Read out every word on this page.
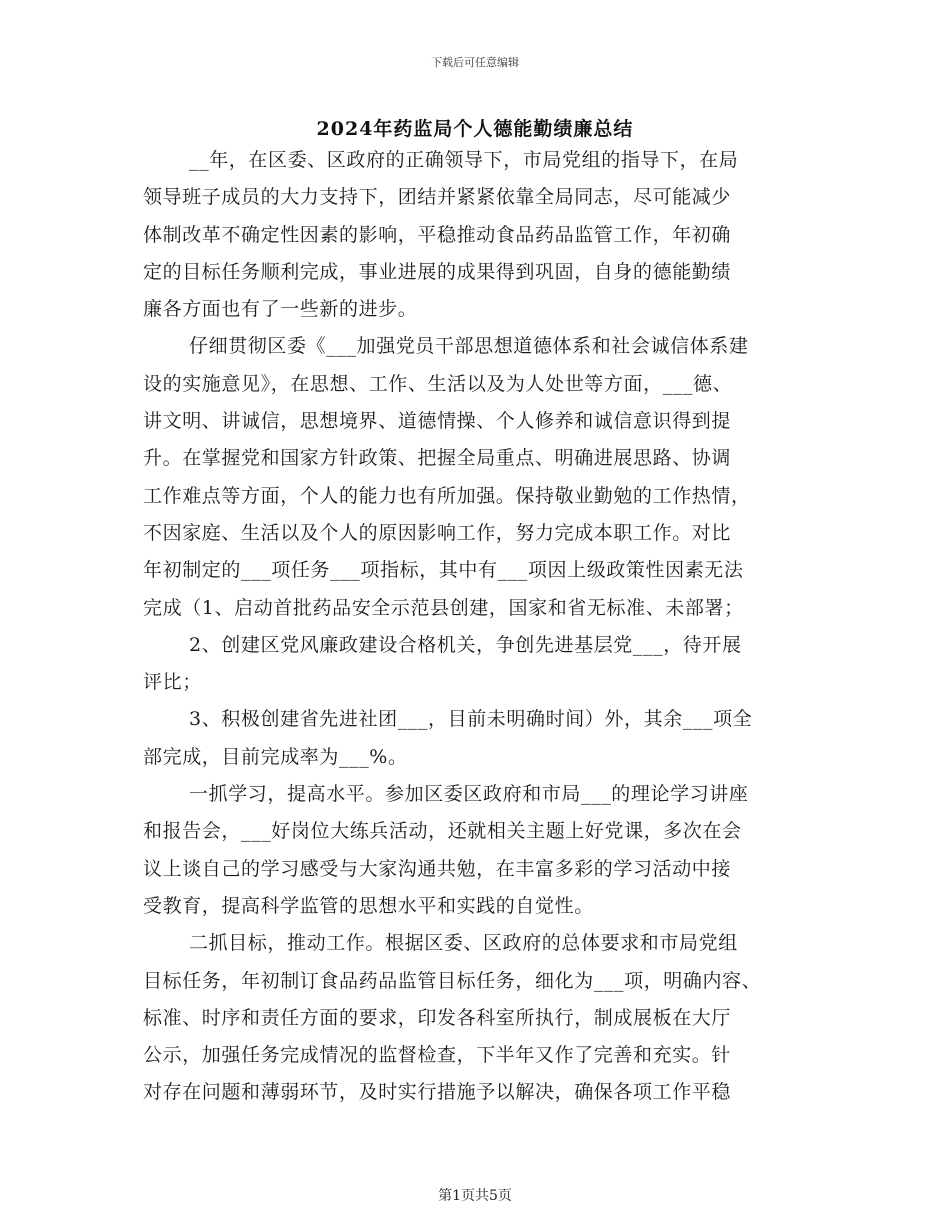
下载后可任意编辑
2024年药监局个人德能勤绩廉总结
__年，在区委、区政府的正确领导下，市局党组的指导下，在局
领导班子成员的大力支持下，团结并紧紧依靠全局同志，尽可能减少
体制改革不确定性因素的影响，平稳推动食品药品监管工作，年初确
定的目标任务顺利完成，事业进展的成果得到巩固，自身的德能勤绩
廉各方面也有了一些新的进步。
仔细贯彻区委《___加强党员干部思想道德体系和社会诚信体系建
设的实施意见》，在思想、工作、生活以及为人处世等方面，___德、
讲文明、讲诚信，思想境界、道德情操、个人修养和诚信意识得到提
升。在掌握党和国家方针政策、把握全局重点、明确进展思路、协调
工作难点等方面，个人的能力也有所加强。保持敬业勤勉的工作热情，
不因家庭、生活以及个人的原因影响工作，努力完成本职工作。对比
年初制定的___项任务___项指标，其中有___项因上级政策性因素无法
完成（1、启动首批药品安全示范县创建，国家和省无标准、未部署；
2、创建区党风廉政建设合格机关，争创先进基层党___，待开展
评比；
3、积极创建省先进社团___，目前未明确时间）外，其余___项全
部完成，目前完成率为___%。
一抓学习，提高水平。参加区委区政府和市局___的理论学习讲座
和报告会，___好岗位大练兵活动，还就相关主题上好党课，多次在会
议上谈自己的学习感受与大家沟通共勉，在丰富多彩的学习活动中接
受教育，提高科学监管的思想水平和实践的自觉性。
二抓目标，推动工作。根据区委、区政府的总体要求和市局党组
目标任务，年初制订食品药品监管目标任务，细化为___项，明确内容、
标准、时序和责任方面的要求，印发各科室所执行，制成展板在大厅
公示，加强任务完成情况的监督检查，下半年又作了完善和充实。针
对存在问题和薄弱环节，及时实行措施予以解决，确保各项工作平稳
第1页共5页
